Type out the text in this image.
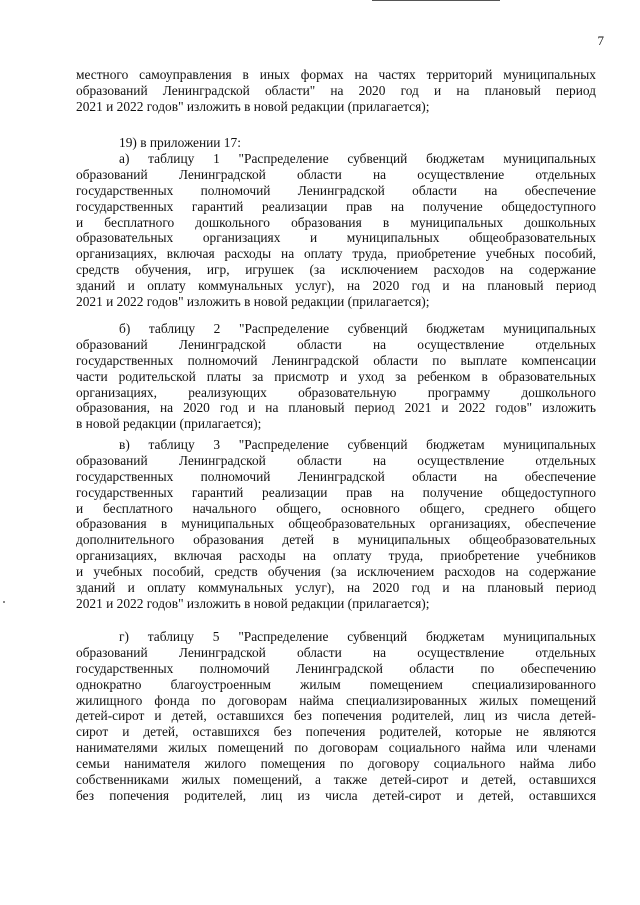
7
местного самоуправления в иных формах на частях территорий муниципальных
образований Ленинградской области" на 2020 год и на плановый период
2021 и 2022 годов" изложить в новой редакции (прилагается);
19) в приложении 17:
а) таблицу 1 "Распределение субвенций бюджетам муниципальных
образований Ленинградской области на осуществление отдельных
государственных полномочий Ленинградской области на обеспечение
государственных гарантий реализации прав на получение общедоступного
и бесплатного дошкольного образования в муниципальных дошкольных
образовательных организациях и муниципальных общеобразовательных
организациях, включая расходы на оплату труда, приобретение учебных пособий,
средств обучения, игр, игрушек (за исключением расходов на содержание
зданий и оплату коммунальных услуг), на 2020 год и на плановый период
2021 и 2022 годов" изложить в новой редакции (прилагается);
б) таблицу 2 "Распределение субвенций бюджетам муниципальных
образований Ленинградской области на осуществление отдельных
государственных полномочий Ленинградской области по выплате компенсации
части родительской платы за присмотр и уход за ребенком в образовательных
организациях, реализующих образовательную программу дошкольного
образования, на 2020 год и на плановый период 2021 и 2022 годов" изложить
в новой редакции (прилагается);
в) таблицу 3 "Распределение субвенций бюджетам муниципальных
образований Ленинградской области на осуществление отдельных
государственных полномочий Ленинградской области на обеспечение
государственных гарантий реализации прав на получение общедоступного
и бесплатного начального общего, основного общего, среднего общего
образования в муниципальных общеобразовательных организациях, обеспечение
дополнительного образования детей в муниципальных общеобразовательных
организациях, включая расходы на оплату труда, приобретение учебников
и учебных пособий, средств обучения (за исключением расходов на содержание
зданий и оплату коммунальных услуг), на 2020 год и на плановый период
2021 и 2022 годов" изложить в новой редакции (прилагается);
г) таблицу 5 "Распределение субвенций бюджетам муниципальных
образований Ленинградской области на осуществление отдельных
государственных полномочий Ленинградской области по обеспечению
однократно благоустроенным жилым помещением специализированного
жилищного фонда по договорам найма специализированных жилых помещений
детей-сирот и детей, оставшихся без попечения родителей, лиц из числа детей-
сирот и детей, оставшихся без попечения родителей, которые не являются
нанимателями жилых помещений по договорам социального найма или членами
семьи нанимателя жилого помещения по договору социального найма либо
собственниками жилых помещений, а также детей-сирот и детей, оставшихся
без попечения родителей, лиц из числа детей-сирот и детей, оставшихся
